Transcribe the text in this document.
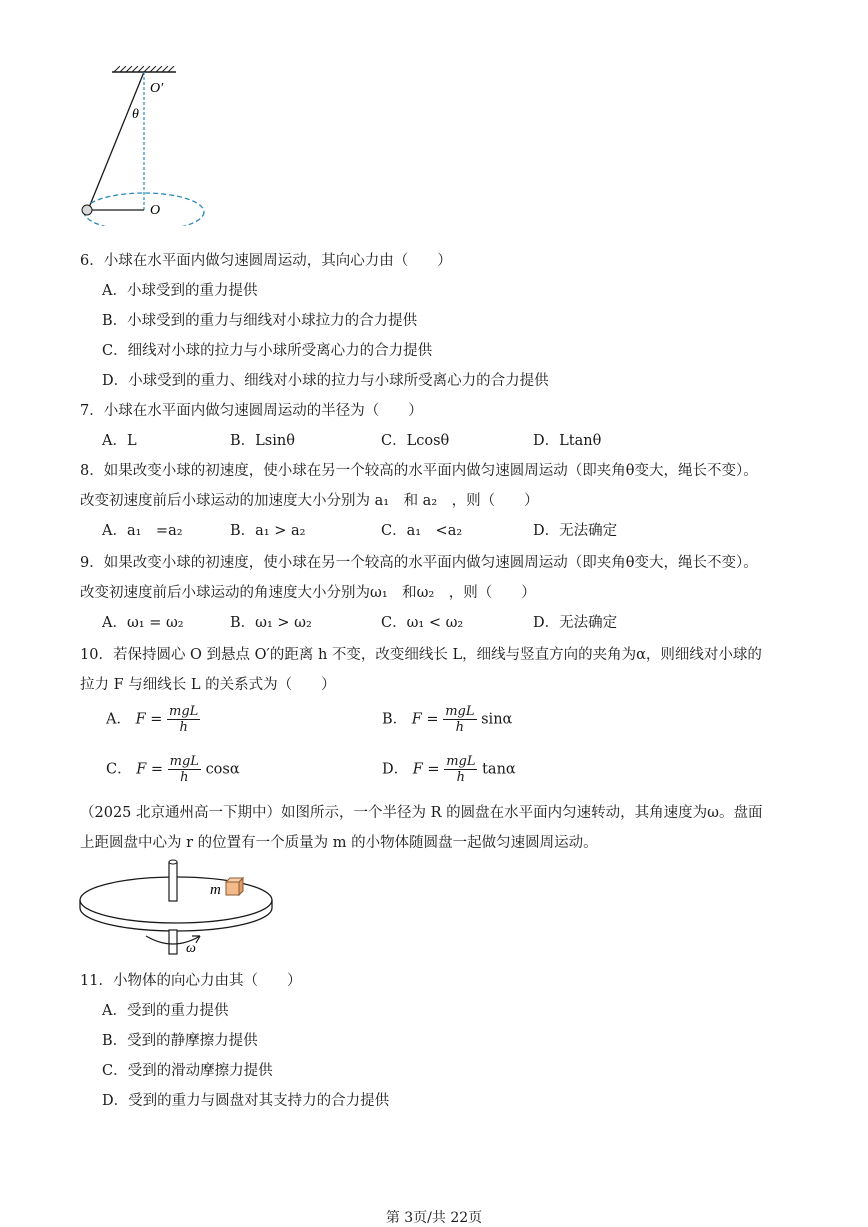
O′
θ
O
6．小球在水平面内做匀速圆周运动，其向心力由（　　）
A．小球受到的重力提供
B．小球受到的重力与细线对小球拉力的合力提供
C．细线对小球的拉力与小球所受离心力的合力提供
D．小球受到的重力、细线对小球的拉力与小球所受离心力的合力提供
7．小球在水平面内做匀速圆周运动的半径为（　　）
A．L	B．Lsinθ	C．Lcosθ	D．Ltanθ
8．如果改变小球的初速度，使小球在另一个较高的水平面内做匀速圆周运动（即夹角θ变大，绳长不变）。
改变初速度前后小球运动的加速度大小分别为 a₁　和 a₂　，则（　　）
A．a₁　=a₂	B．a₁ > a₂	C．a₁　<a₂	D．无法确定
9．如果改变小球的初速度，使小球在另一个较高的水平面内做匀速圆周运动（即夹角θ变大，绳长不变）。
改变初速度前后小球运动的角速度大小分别为ω₁　和ω₂　，则（　　）
A．ω₁ = ω₂	B．ω₁ > ω₂	C．ω₁ < ω₂	D．无法确定
10．若保持圆心 O 到悬点 O′的距离 h 不变，改变细线长 L，细线与竖直方向的夹角为α，则细线对小球的
拉力 F 与细线长 L 的关系式为（　　）
A． $F = \frac{\text{mgL}}{h}$	B． $F = \frac{\text{mgL}}{h}$ sinα
C． $F = \frac{\text{mgL}}{h}$ cosα	D． $F = \frac{\text{mgL}}{h}$ tanα
（2025 北京通州高一下期中）如图所示，一个半径为 R 的圆盘在水平面内匀速转动，其角速度为ω。盘面
上距圆盘中心为 r 的位置有一个质量为 m 的小物体随圆盘一起做匀速圆周运动。
m
ω
11．小物体的向心力由其（　　）
A．受到的重力提供
B．受到的静摩擦力提供
C．受到的滑动摩擦力提供
D．受到的重力与圆盘对其支持力的合力提供
第 3页/共 22页
